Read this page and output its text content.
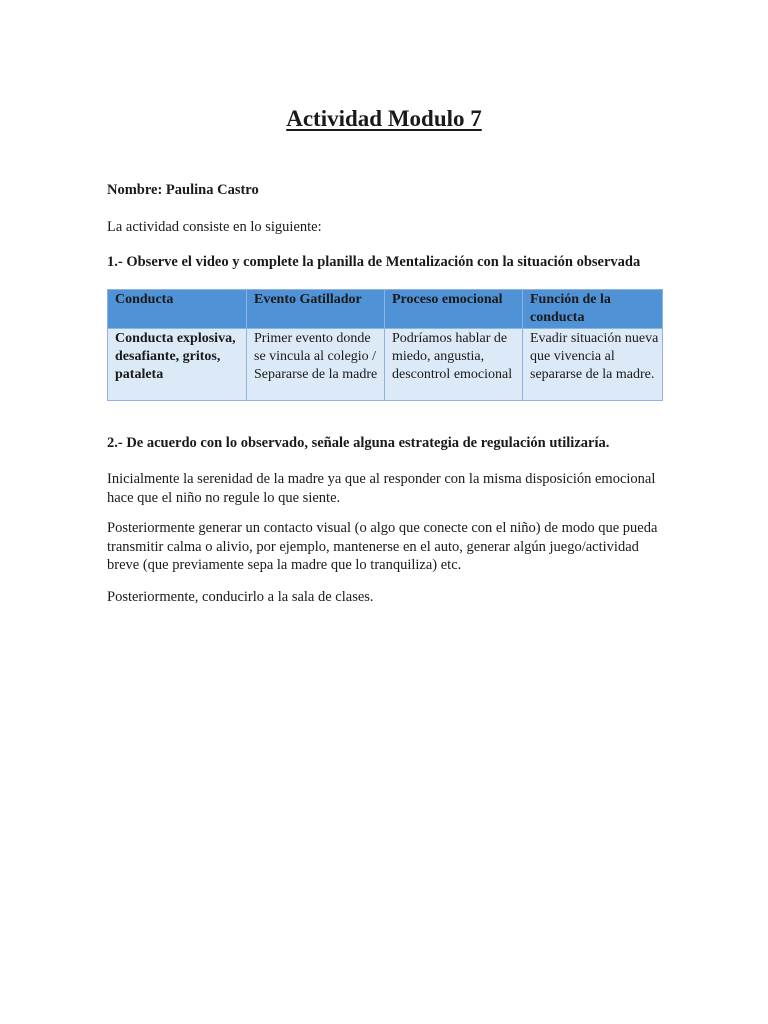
Actividad Modulo 7

Nombre: Paulina Castro

La actividad consiste en lo siguiente:

1.- Observe el video y complete la planilla de Mentalización con la situación observada

Conducta	Evento Gatillador	Proceso emocional	Función de la conducta
Conducta explosiva, desafiante, gritos, pataleta	Primer evento donde se vincula al colegio / Separarse de la madre	Podríamos hablar de miedo, angustia, descontrol emocional	Evadir situación nueva que vivencia al separarse de la madre.

2.- De acuerdo con lo observado, señale alguna estrategia de regulación utilizaría.

Inicialmente la serenidad de la madre ya que al responder con la misma disposición emocional hace que el niño no regule lo que siente.

Posteriormente generar un contacto visual (o algo que conecte con el niño) de modo que pueda transmitir calma o alivio, por ejemplo, mantenerse en el auto, generar algún juego/actividad breve (que previamente sepa la madre que lo tranquiliza) etc.

Posteriormente, conducirlo a la sala de clases.
